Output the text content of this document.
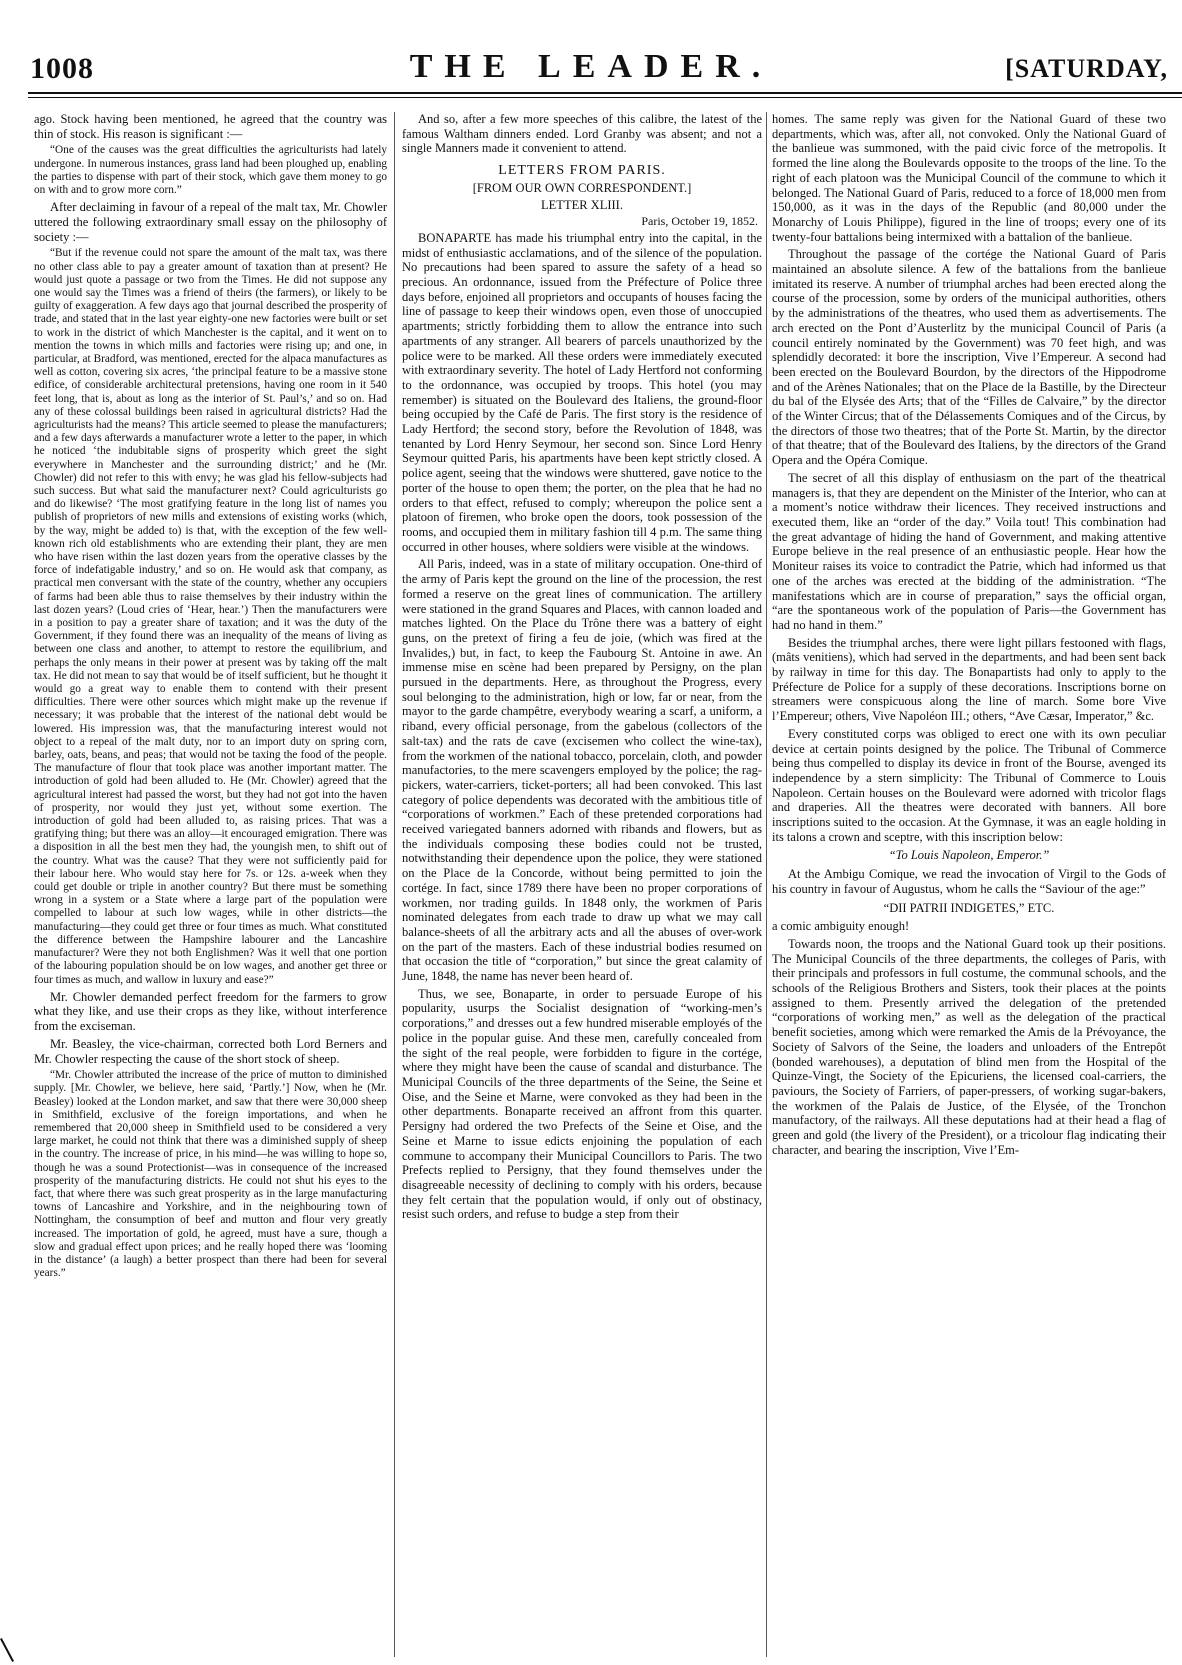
1008	THE LEADER.	[SATURDAY,

ago. Stock having been mentioned, he agreed that the country was thin of stock. His reason is significant :—

“One of the causes was the great difficulties the agriculturists had lately undergone. In numerous instances, grass land had been ploughed up, enabling the parties to dispense with part of their stock, which gave them money to go on with and to grow more corn.”

After declaiming in favour of a repeal of the malt tax, Mr. Chowler uttered the following extraordinary small essay on the philosophy of society :—

“But if the revenue could not spare the amount of the malt tax, was there no other class able to pay a greater amount of taxation than at present? He would just quote a passage or two from the Times. He did not suppose any one would say the Times was a friend of theirs (the farmers), or likely to be guilty of exaggeration. A few days ago that journal described the prosperity of trade, and stated that in the last year eighty-one new factories were built or set to work in the district of which Manchester is the capital, and it went on to mention the towns in which mills and factories were rising up; and one, in particular, at Bradford, was mentioned, erected for the alpaca manufactures as well as cotton, covering six acres, ‘the principal feature to be a massive stone edifice, of considerable architectural pretensions, having one room in it 540 feet long, that is, about as long as the interior of St. Paul’s,’ and so on. Had any of these colossal buildings been raised in agricultural districts? Had the agriculturists had the means? This article seemed to please the manufacturers; and a few days afterwards a manufacturer wrote a letter to the paper, in which he noticed ‘the indubitable signs of prosperity which greet the sight everywhere in Manchester and the surrounding district;’ and he (Mr. Chowler) did not refer to this with envy; he was glad his fellow-subjects had such success. But what said the manufacturer next? Could agriculturists go and do likewise? ‘The most gratifying feature in the long list of names you publish of proprietors of new mills and extensions of existing works (which, by the way, might be added to) is that, with the exception of the few well-known rich old establishments who are extending their plant, they are men who have risen within the last dozen years from the operative classes by the force of indefatigable industry,’ and so on. He would ask that company, as practical men conversant with the state of the country, whether any occupiers of farms had been able thus to raise themselves by their industry within the last dozen years? (Loud cries of ‘Hear, hear.’) Then the manufacturers were in a position to pay a greater share of taxation; and it was the duty of the Government, if they found there was an inequality of the means of living as between one class and another, to attempt to restore the equilibrium, and perhaps the only means in their power at present was by taking off the malt tax. He did not mean to say that would be of itself sufficient, but he thought it would go a great way to enable them to contend with their present difficulties. There were other sources which might make up the revenue if necessary; it was probable that the interest of the national debt would be lowered. His impression was, that the manufacturing interest would not object to a repeal of the malt duty, nor to an import duty on spring corn, barley, oats, beans, and peas; that would not be taxing the food of the people. The manufacture of flour that took place was another important matter. The introduction of gold had been alluded to. He (Mr. Chowler) agreed that the agricultural interest had passed the worst, but they had not got into the haven of prosperity, nor would they just yet, without some exertion. The introduction of gold had been alluded to, as raising prices. That was a gratifying thing; but there was an alloy—it encouraged emigration. There was a disposition in all the best men they had, the youngish men, to shift out of the country. What was the cause? That they were not sufficiently paid for their labour here. Who would stay here for 7s. or 12s. a-week when they could get double or triple in another country? But there must be something wrong in a system or a State where a large part of the population were compelled to labour at such low wages, while in other districts—the manufacturing—they could get three or four times as much. What constituted the difference between the Hampshire labourer and the Lancashire manufacturer? Were they not both Englishmen? Was it well that one portion of the labouring population should be on low wages, and another get three or four times as much, and wallow in luxury and ease?”

Mr. Chowler demanded perfect freedom for the farmers to grow what they like, and use their crops as they like, without interference from the exciseman.

Mr. Beasley, the vice-chairman, corrected both Lord Berners and Mr. Chowler respecting the cause of the short stock of sheep.

“Mr. Chowler attributed the increase of the price of mutton to diminished supply. [Mr. Chowler, we believe, here said, ‘Partly.’] Now, when he (Mr. Beasley) looked at the London market, and saw that there were 30,000 sheep in Smithfield, exclusive of the foreign importations, and when he remembered that 20,000 sheep in Smithfield used to be considered a very large market, he could not think that there was a diminished supply of sheep in the country. The increase of price, in his mind—he was willing to hope so, though he was a sound Protectionist—was in consequence of the increased prosperity of the manufacturing districts. He could not shut his eyes to the fact, that where there was such great prosperity as in the large manufacturing towns of Lancashire and Yorkshire, and in the neighbouring town of Nottingham, the consumption of beef and mutton and flour very greatly increased. The importation of gold, he agreed, must have a sure, though a slow and gradual effect upon prices; and he really hoped there was ‘looming in the distance’ (a laugh) a better prospect than there had been for several years.”

And so, after a few more speeches of this calibre, the latest of the famous Waltham dinners ended. Lord Granby was absent; and not a single Manners made it convenient to attend.

LETTERS FROM PARIS.
[FROM OUR OWN CORRESPONDENT.]
LETTER XLIII.
Paris, October 19, 1852.

BONAPARTE has made his triumphal entry into the capital, in the midst of enthusiastic acclamations, and of the silence of the population. No precautions had been spared to assure the safety of a head so precious. An ordonnance, issued from the Préfecture of Police three days before, enjoined all proprietors and occupants of houses facing the line of passage to keep their windows open, even those of unoccupied apartments; strictly forbidding them to allow the entrance into such apartments of any stranger. All bearers of parcels unauthorized by the police were to be marked. All these orders were immediately executed with extraordinary severity. The hotel of Lady Hertford not conforming to the ordonnance, was occupied by troops. This hotel (you may remember) is situated on the Boulevard des Italiens, the ground-floor being occupied by the Café de Paris. The first story is the residence of Lady Hertford; the second story, before the Revolution of 1848, was tenanted by Lord Henry Seymour, her second son. Since Lord Henry Seymour quitted Paris, his apartments have been kept strictly closed. A police agent, seeing that the windows were shuttered, gave notice to the porter of the house to open them; the porter, on the plea that he had no orders to that effect, refused to comply; whereupon the police sent a platoon of firemen, who broke open the doors, took possession of the rooms, and occupied them in military fashion till 4 p.m. The same thing occurred in other houses, where soldiers were visible at the windows.

All Paris, indeed, was in a state of military occupation. One-third of the army of Paris kept the ground on the line of the procession, the rest formed a reserve on the great lines of communication. The artillery were stationed in the grand Squares and Places, with cannon loaded and matches lighted. On the Place du Trône there was a battery of eight guns, on the pretext of firing a feu de joie, (which was fired at the Invalides,) but, in fact, to keep the Faubourg St. Antoine in awe. An immense mise en scène had been prepared by Persigny, on the plan pursued in the departments. Here, as throughout the Progress, every soul belonging to the administration, high or low, far or near, from the mayor to the garde champêtre, everybody wearing a scarf, a uniform, a riband, every official personage, from the gabelous (collectors of the salt-tax) and the rats de cave (excisemen who collect the wine-tax), from the workmen of the national tobacco, porcelain, cloth, and powder manufactories, to the mere scavengers employed by the police; the rag-pickers, water-carriers, ticket-porters; all had been convoked. This last category of police dependents was decorated with the ambitious title of “corporations of workmen.” Each of these pretended corporations had received variegated banners adorned with ribands and flowers, but as the individuals composing these bodies could not be trusted, notwithstanding their dependence upon the police, they were stationed on the Place de la Concorde, without being permitted to join the cortége. In fact, since 1789 there have been no proper corporations of workmen, nor trading guilds. In 1848 only, the workmen of Paris nominated delegates from each trade to draw up what we may call balance-sheets of all the arbitrary acts and all the abuses of over-work on the part of the masters. Each of these industrial bodies resumed on that occasion the title of “corporation,” but since the great calamity of June, 1848, the name has never been heard of.

Thus, we see, Bonaparte, in order to persuade Europe of his popularity, usurps the Socialist designation of “working-men’s corporations,” and dresses out a few hundred miserable employés of the police in the popular guise. And these men, carefully concealed from the sight of the real people, were forbidden to figure in the cortége, where they might have been the cause of scandal and disturbance. The Municipal Councils of the three departments of the Seine, the Seine et Oise, and the Seine et Marne, were convoked as they had been in the other departments. Bonaparte received an affront from this quarter. Persigny had ordered the two Prefects of the Seine et Oise, and the Seine et Marne to issue edicts enjoining the population of each commune to accompany their Municipal Councillors to Paris. The two Prefects replied to Persigny, that they found themselves under the disagreeable necessity of declining to comply with his orders, because they felt certain that the population would, if only out of obstinacy, resist such orders, and refuse to budge a step from their

homes. The same reply was given for the National Guard of these two departments, which was, after all, not convoked. Only the National Guard of the banlieue was summoned, with the paid civic force of the metropolis. It formed the line along the Boulevards opposite to the troops of the line. To the right of each platoon was the Municipal Council of the commune to which it belonged. The National Guard of Paris, reduced to a force of 18,000 men from 150,000, as it was in the days of the Republic (and 80,000 under the Monarchy of Louis Philippe), figured in the line of troops; every one of its twenty-four battalions being intermixed with a battalion of the banlieue.

Throughout the passage of the cortége the National Guard of Paris maintained an absolute silence. A few of the battalions from the banlieue imitated its reserve. A number of triumphal arches had been erected along the course of the procession, some by orders of the municipal authorities, others by the administrations of the theatres, who used them as advertisements. The arch erected on the Pont d’Austerlitz by the municipal Council of Paris (a council entirely nominated by the Government) was 70 feet high, and was splendidly decorated: it bore the inscription, Vive l’Empereur. A second had been erected on the Boulevard Bourdon, by the directors of the Hippodrome and of the Arènes Nationales; that on the Place de la Bastille, by the Directeur du bal of the Elysée des Arts; that of the “Filles de Calvaire,” by the director of the Winter Circus; that of the Délassements Comiques and of the Circus, by the directors of those two theatres; that of the Porte St. Martin, by the director of that theatre; that of the Boulevard des Italiens, by the directors of the Grand Opera and the Opéra Comique.

The secret of all this display of enthusiasm on the part of the theatrical managers is, that they are dependent on the Minister of the Interior, who can at a moment’s notice withdraw their licences. They received instructions and executed them, like an “order of the day.” Voila tout! This combination had the great advantage of hiding the hand of Government, and making attentive Europe believe in the real presence of an enthusiastic people. Hear how the Moniteur raises its voice to contradict the Patrie, which had informed us that one of the arches was erected at the bidding of the administration. “The manifestations which are in course of preparation,” says the official organ, “are the spontaneous work of the population of Paris—the Government has had no hand in them.”

Besides the triumphal arches, there were light pillars festooned with flags, (mâts venitiens), which had served in the departments, and had been sent back by railway in time for this day. The Bonapartists had only to apply to the Préfecture de Police for a supply of these decorations. Inscriptions borne on streamers were conspicuous along the line of march. Some bore Vive l’Empereur; others, Vive Napoléon III.; others, “Ave Cæsar, Imperator,” &c.

Every constituted corps was obliged to erect one with its own peculiar device at certain points designed by the police. The Tribunal of Commerce being thus compelled to display its device in front of the Bourse, avenged its independence by a stern simplicity: The Tribunal of Commerce to Louis Napoleon. Certain houses on the Boulevard were adorned with tricolor flags and draperies. All the theatres were decorated with banners. All bore inscriptions suited to the occasion. At the Gymnase, it was an eagle holding in its talons a crown and sceptre, with this inscription below:

“To Louis Napoleon, Emperor.”

At the Ambigu Comique, we read the invocation of Virgil to the Gods of his country in favour of Augustus, whom he calls the “Saviour of the age:”

“DII PATRII INDIGETES,” ETC.

a comic ambiguity enough!

Towards noon, the troops and the National Guard took up their positions. The Municipal Councils of the three departments, the colleges of Paris, with their principals and professors in full costume, the communal schools, and the schools of the Religious Brothers and Sisters, took their places at the points assigned to them. Presently arrived the delegation of the pretended “corporations of working men,” as well as the delegation of the practical benefit societies, among which were remarked the Amis de la Prévoyance, the Society of Salvors of the Seine, the loaders and unloaders of the Entrepôt (bonded warehouses), a deputation of blind men from the Hospital of the Quinze-Vingt, the Society of the Epicuriens, the licensed coal-carriers, the paviours, the Society of Farriers, of paper-pressers, of working sugar-bakers, the workmen of the Palais de Justice, of the Elysée, of the Tronchon manufactory, of the railways. All these deputations had at their head a flag of green and gold (the livery of the President), or a tricolour flag indicating their character, and bearing the inscription, Vive l’Em-
